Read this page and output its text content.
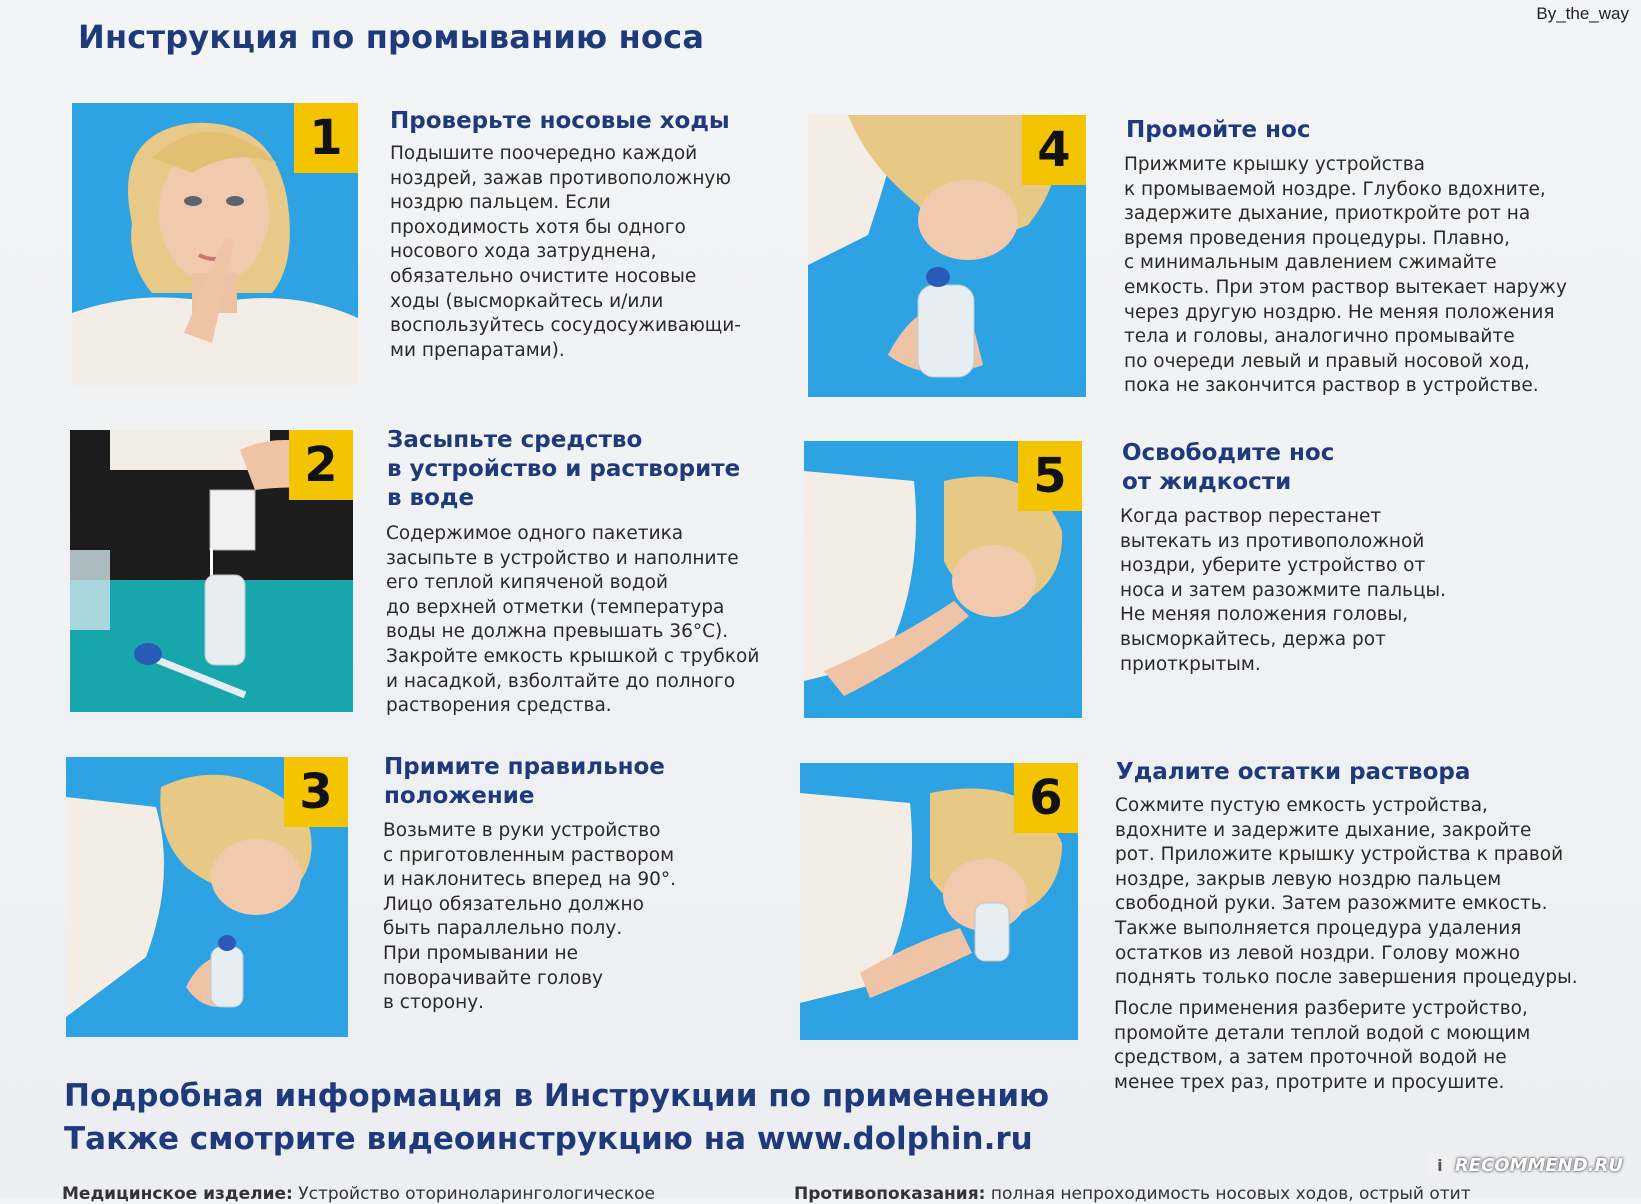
Инструкция по промыванию носа
By_the_way
1	Проверьте носовые ходы

Подышите поочередно каждой
ноздрей, зажав противоположную
ноздрю пальцем. Если
проходимость хотя бы одного
носового хода затруднена,
обязательно очистите носовые
ходы (высморкайтесь и/или
воспользуйтесь сосудосуживающи-
ми препаратами).

2	Засыпьте средство
в устройство и растворите
в воде

Содержимое одного пакетика
засыпьте в устройство и наполните
его теплой кипяченой водой
до верхней отметки (температура
воды не должна превышать 36°С).
Закройте емкость крышкой с трубкой
и насадкой, взболтайте до полного
растворения средства.

3	Примите правильное
положение

Возьмите в руки устройство
с приготовленным раствором
и наклонитесь вперед на 90°.
Лицо обязательно должно
быть параллельно полу.
При промывании не
поворачивайте голову
в сторону.

4	Промойте нос

Прижмите крышку устройства
к промываемой ноздре. Глубоко вдохните,
задержите дыхание, приоткройте рот на
время проведения процедуры. Плавно,
с минимальным давлением сжимайте
емкость. При этом раствор вытекает наружу
через другую ноздрю. Не меняя положения
тела и головы, аналогично промывайте
по очереди левый и правый носовой ход,
пока не закончится раствор в устройстве.

5	Освободите нос
от жидкости

Когда раствор перестанет
вытекать из противоположной
ноздри, уберите устройство от
носа и затем разожмите пальцы.
Не меняя положения головы,
высморкайтесь, держа рот
приоткрытым.

6	Удалите остатки раствора

Сожмите пустую емкость устройства,
вдохните и задержите дыхание, закройте
рот. Приложите крышку устройства к правой
ноздре, закрыв левую ноздрю пальцем
свободной руки. Затем разожмите емкость.
Также выполняется процедура удаления
остатков из левой ноздри. Голову можно
поднять только после завершения процедуры.

После применения разберите устройство,
промойте детали теплой водой с моющим
средством, а затем проточной водой не
менее трех раз, протрите и просушите.

Подробная информация в Инструкции по применению

Также смотрите видеоинструкцию на www.dolphin.ru

Медицинское изделие: Устройство оториноларингологическое	Противопоказания: полная непроходимость носовых ходов, острый отит

i RECOMMEND.RU
